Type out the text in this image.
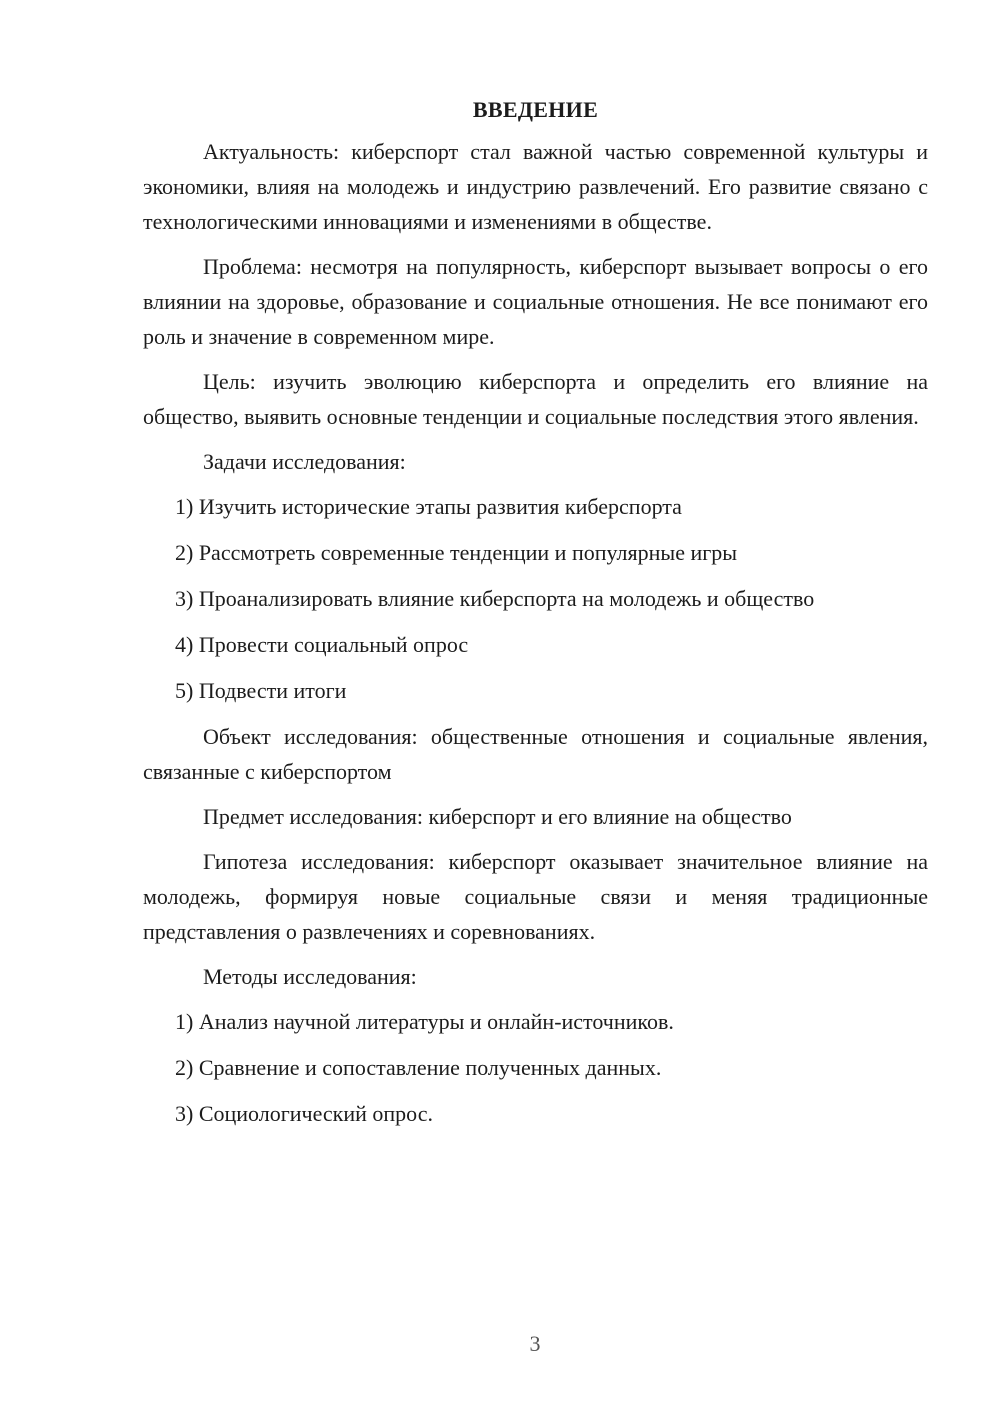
ВВЕДЕНИЕ

Актуальность: киберспорт стал важной частью современной культуры и экономики, влияя на молодежь и индустрию развлечений. Его развитие связано с технологическими инновациями и изменениями в обществе.

Проблема: несмотря на популярность, киберспорт вызывает вопросы о его влиянии на здоровье, образование и социальные отношения. Не все понимают его роль и значение в современном мире.

Цель: изучить эволюцию киберспорта и определить его влияние на общество, выявить основные тенденции и социальные последствия этого явления.

Задачи исследования:

1) Изучить исторические этапы развития киберспорта
2) Рассмотреть современные тенденции и популярные игры
3) Проанализировать влияние киберспорта на молодежь и общество
4) Провести социальный опрос
5) Подвести итоги

Объект исследования: общественные отношения и социальные явления, связанные с киберспортом

Предмет исследования: киберспорт и его влияние на общество

Гипотеза исследования: киберспорт оказывает значительное влияние на молодежь, формируя новые социальные связи и меняя традиционные представления о развлечениях и соревнованиях.

Методы исследования:

1) Анализ научной литературы и онлайн-источников.
2) Сравнение и сопоставление полученных данных.
3) Социологический опрос.
3
